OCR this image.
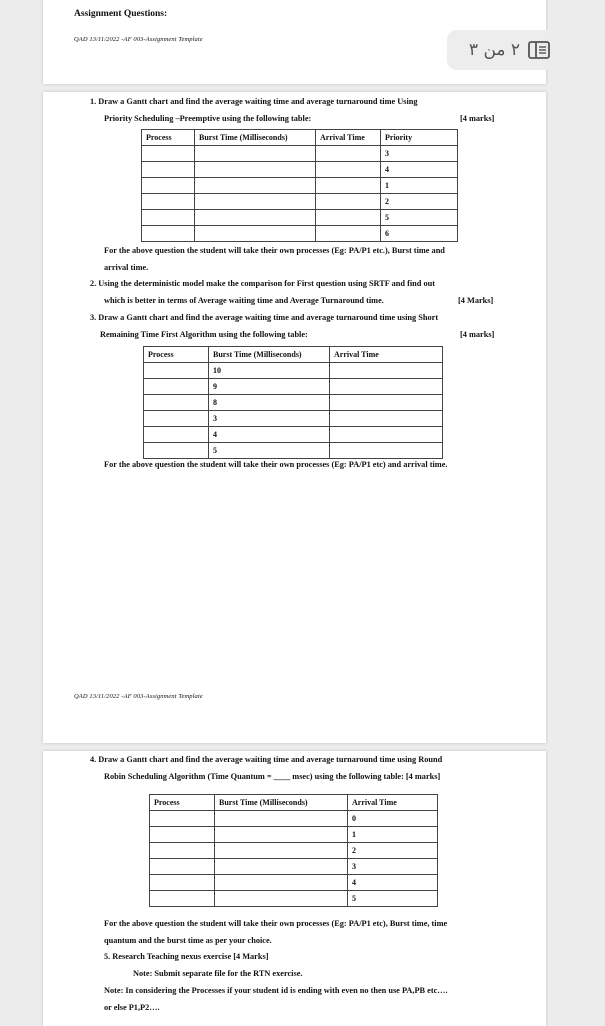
Assignment Questions:
QAD 13/11/2022 -AF 003-Assignment Template
1. Draw a Gantt chart and find the average waiting time and average turnaround time Using
Priority Scheduling –Preemptive using the following table:	[4 marks]
Process	Burst Time (Milliseconds)	Arrival Time	Priority
			3
			4
			1
			2
			5
			6
For the above question the student will take their own processes (Eg: PA/P1 etc.), Burst time and
arrival time.
2. Using the deterministic model make the comparison for First question using SRTF and find out
which is better in terms of Average waiting time and Average Turnaround time.	[4 Marks]
3. Draw a Gantt chart and find the average waiting time and average turnaround time using Short
Remaining Time First Algorithm using the following table:	[4 marks]
Process	Burst Time (Milliseconds)	Arrival Time
	10	
	9	
	8	
	3	
	4	
	5	
For the above question the student will take their own processes (Eg: PA/P1 etc) and arrival time.
QAD 13/11/2022 -AF 003-Assignment Template
4. Draw a Gantt chart and find the average waiting time and average turnaround time using Round
Robin Scheduling Algorithm (Time Quantum = ____ msec) using the following table: [4 marks]
Process	Burst Time (Milliseconds)	Arrival Time
		0
		1
		2
		3
		4
		5
For the above question the student will take their own processes (Eg: PA/P1 etc), Burst time, time
quantum and the burst time as per your choice.
5. Research Teaching nexus exercise [4 Marks]
Note: Submit separate file for the RTN exercise.
Note: In considering the Processes if your student id is ending with even no then use PA,PB etc….
or else P1,P2….
٢ من ٣
